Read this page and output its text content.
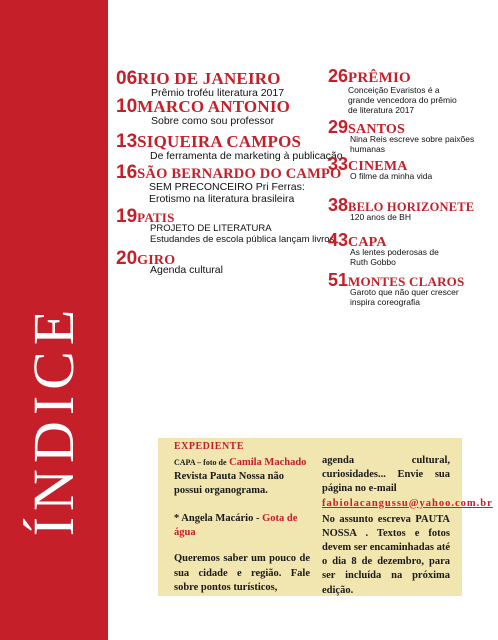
ÍNDICE
06RIO DE JANEIRO
Prêmio troféu literatura 2017
10MARCO ANTONIO
Sobre como sou professor
13SIQUEIRA CAMPOS
De ferramenta de marketing à publicação
16SÃO BERNARDO DO CAMPO
SEM PRECONCEIRO Pri Ferras:
Erotismo na literatura brasileira
19PATIS
PROJETO DE LITERATURA
Estudandes de escola pública lançam livros
20GIRO
Agenda cultural
26PRÊMIO
Conceição Evaristos é a
grande vencedora do prêmio
de literatura 2017
29SANTOS
Nina Reis escreve sobre paixões
humanas
33CINEMA
O filme da minha vida
38BELO HORIZONETE
120 anos de BH
43CAPA
As lentes poderosas de
Ruth Gobbo
51MONTES CLAROS
Garoto que não quer crescer
inspira coreografia
EXPEDIENTE
CAPA – foto de Camila Machado
Revista Pauta Nossa não possui organograma.
* Angela Macário - Gota de água
Queremos saber um pouco de sua cidade e região. Fale sobre pontos turísticos,
agenda cultural, curiosidades... Envie sua página no e-mail
fabiolacangussu@yahoo.com.br
No assunto escreva PAUTA NOSSA . Textos e fotos devem ser encaminhadas até o dia 8 de dezembro, para ser incluída na próxima edição.
